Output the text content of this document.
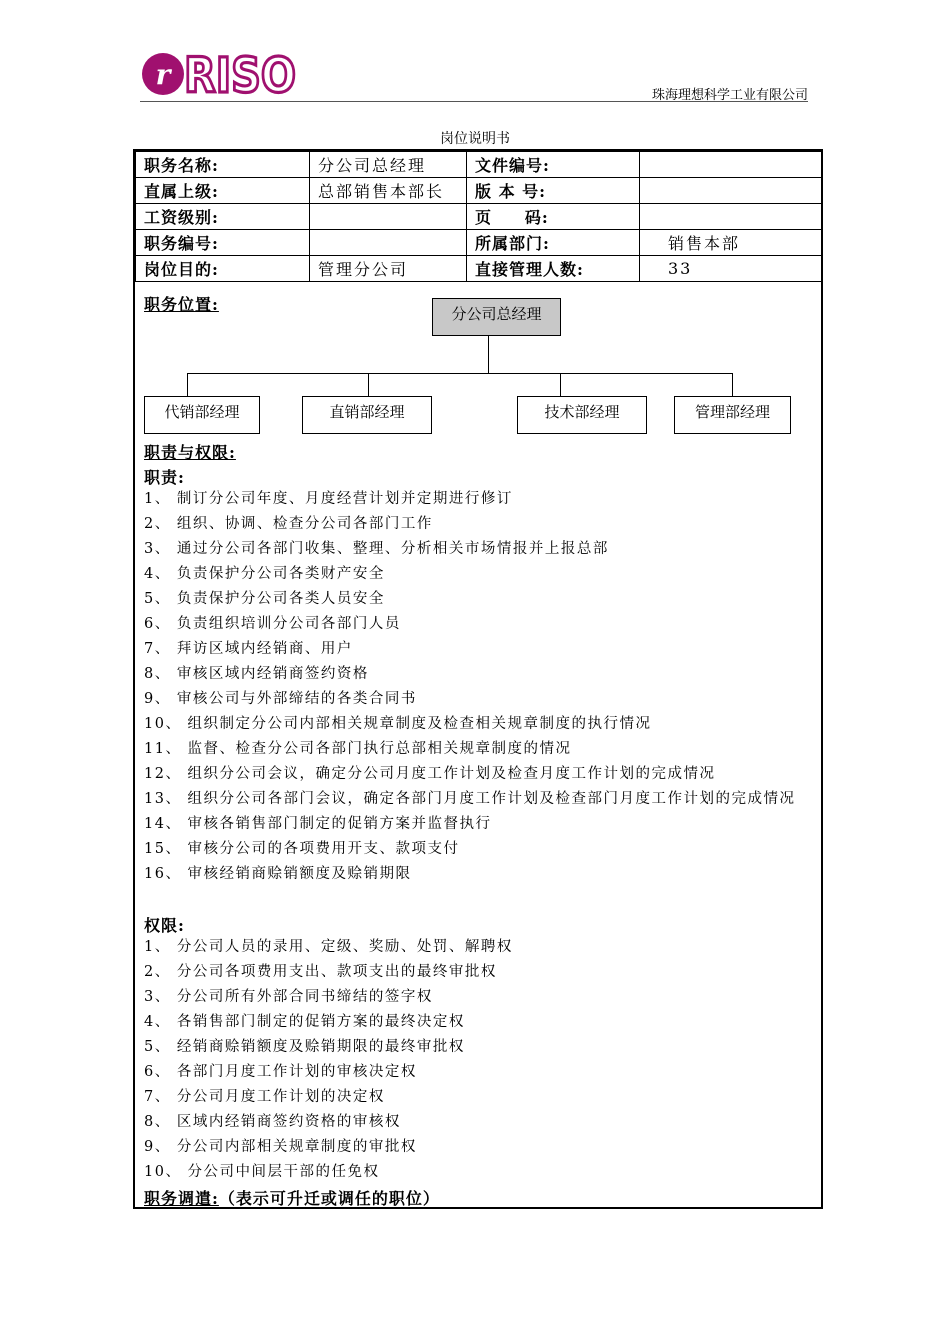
r RISO	珠海理想科学工业有限公司
岗位说明书
职务名称:	分公司总经理	文件编号:	
直属上级:	总部销售本部长	版 本 号:	
工资级别:		页     码:	
职务编号:		所属部门:	销售本部
岗位目的:	管理分公司	直接管理人数:	33
职务位置:	分公司总经理
代销部经理	直销部经理	技术部经理	管理部经理
职责与权限:
职责:
1、 制订分公司年度、月度经营计划并定期进行修订
2、 组织、协调、检查分公司各部门工作
3、 通过分公司各部门收集、整理、分析相关市场情报并上报总部
4、 负责保护分公司各类财产安全
5、 负责保护分公司各类人员安全
6、 负责组织培训分公司各部门人员
7、 拜访区域内经销商、用户
8、 审核区域内经销商签约资格
9、 审核公司与外部缔结的各类合同书
10、 组织制定分公司内部相关规章制度及检查相关规章制度的执行情况
11、 监督、检查分公司各部门执行总部相关规章制度的情况
12、 组织分公司会议，确定分公司月度工作计划及检查月度工作计划的完成情况
13、 组织分公司各部门会议，确定各部门月度工作计划及检查部门月度工作计划的完成情况
14、 审核各销售部门制定的促销方案并监督执行
15、 审核分公司的各项费用开支、款项支付
16、 审核经销商赊销额度及赊销期限
权限:
1、 分公司人员的录用、定级、奖励、处罚、解聘权
2、 分公司各项费用支出、款项支出的最终审批权
3、 分公司所有外部合同书缔结的签字权
4、 各销售部门制定的促销方案的最终决定权
5、 经销商赊销额度及赊销期限的最终审批权
6、 各部门月度工作计划的审核决定权
7、 分公司月度工作计划的决定权
8、 区域内经销商签约资格的审核权
9、 分公司内部相关规章制度的审批权
10、 分公司中间层干部的任免权
职务调遣:（表示可升迁或调任的职位）
